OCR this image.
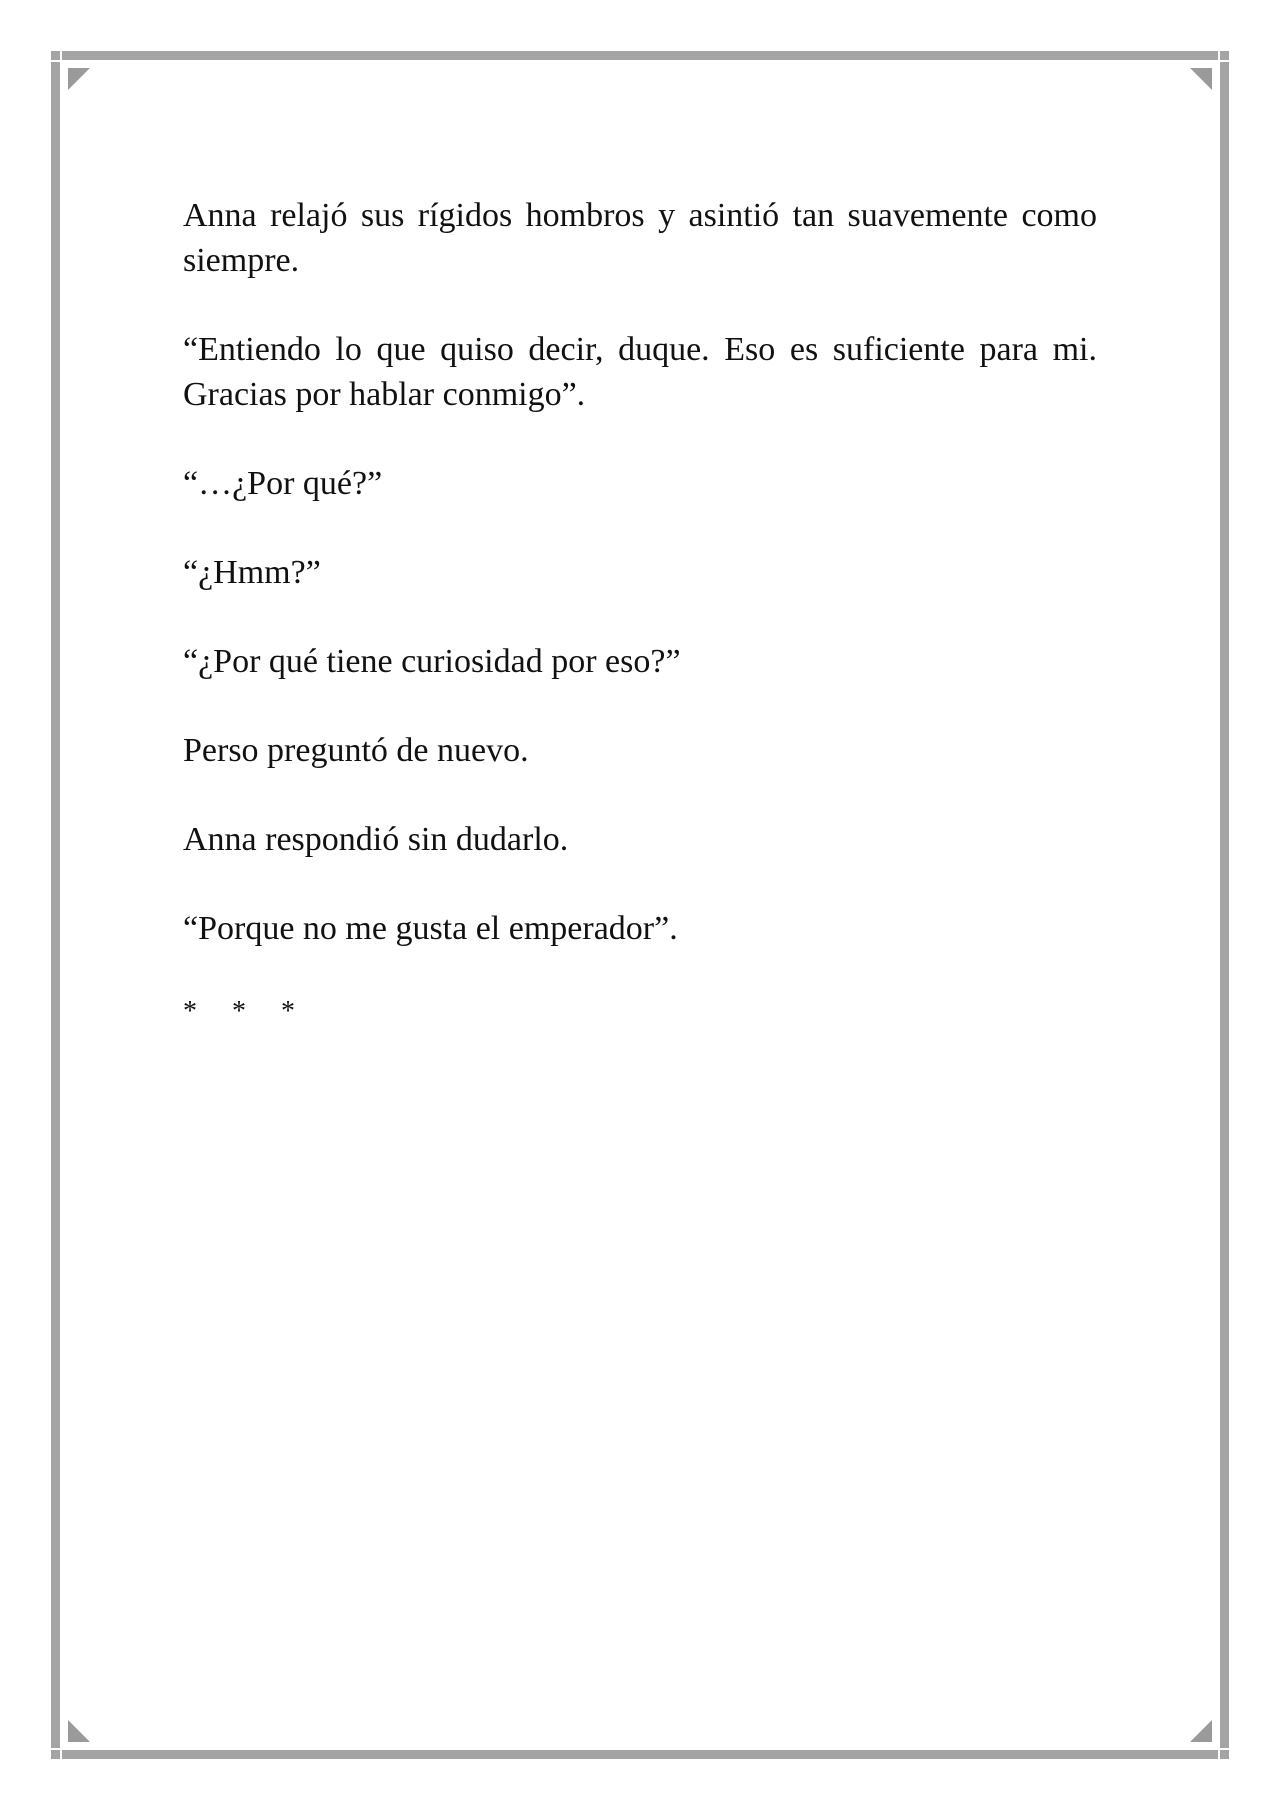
Anna relajó sus rígidos hombros y asintió tan suavemente como siempre.

“Entiendo lo que quiso decir, duque. Eso es suficiente para mi. Gracias por hablar conmigo”.

“…¿Por qué?”

“¿Hmm?”

“¿Por qué tiene curiosidad por eso?”

Perso preguntó de nuevo.

Anna respondió sin dudarlo.

“Porque no me gusta el emperador”.

* * *
